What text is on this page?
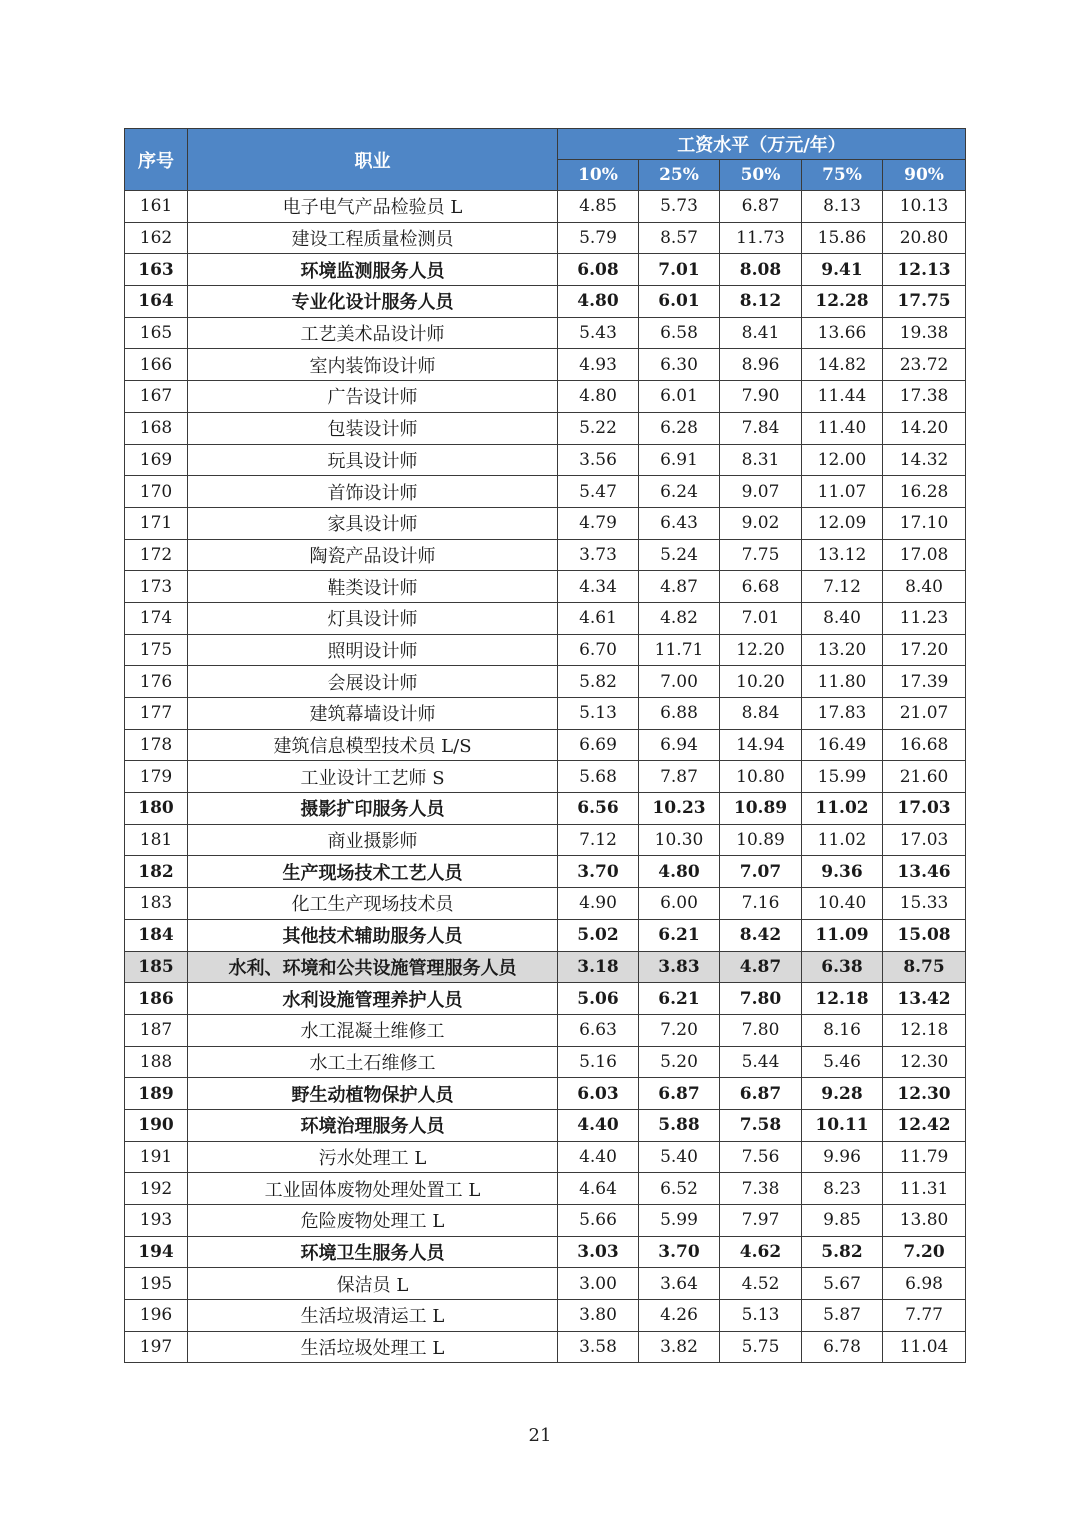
序号	职业	工资水平（万元/年）				
		10%	25%	50%	75%	90%
161	电子电气产品检验员 L	4.85	5.73	6.87	8.13	10.13
162	建设工程质量检测员	5.79	8.57	11.73	15.86	20.80
163	环境监测服务人员	6.08	7.01	8.08	9.41	12.13
164	专业化设计服务人员	4.80	6.01	8.12	12.28	17.75
165	工艺美术品设计师	5.43	6.58	8.41	13.66	19.38
166	室内装饰设计师	4.93	6.30	8.96	14.82	23.72
167	广告设计师	4.80	6.01	7.90	11.44	17.38
168	包装设计师	5.22	6.28	7.84	11.40	14.20
169	玩具设计师	3.56	6.91	8.31	12.00	14.32
170	首饰设计师	5.47	6.24	9.07	11.07	16.28
171	家具设计师	4.79	6.43	9.02	12.09	17.10
172	陶瓷产品设计师	3.73	5.24	7.75	13.12	17.08
173	鞋类设计师	4.34	4.87	6.68	7.12	8.40
174	灯具设计师	4.61	4.82	7.01	8.40	11.23
175	照明设计师	6.70	11.71	12.20	13.20	17.20
176	会展设计师	5.82	7.00	10.20	11.80	17.39
177	建筑幕墙设计师	5.13	6.88	8.84	17.83	21.07
178	建筑信息模型技术员 L/S	6.69	6.94	14.94	16.49	16.68
179	工业设计工艺师 S	5.68	7.87	10.80	15.99	21.60
180	摄影扩印服务人员	6.56	10.23	10.89	11.02	17.03
181	商业摄影师	7.12	10.30	10.89	11.02	17.03
182	生产现场技术工艺人员	3.70	4.80	7.07	9.36	13.46
183	化工生产现场技术员	4.90	6.00	7.16	10.40	15.33
184	其他技术辅助服务人员	5.02	6.21	8.42	11.09	15.08
185	水利、环境和公共设施管理服务人员	3.18	3.83	4.87	6.38	8.75
186	水利设施管理养护人员	5.06	6.21	7.80	12.18	13.42
187	水工混凝土维修工	6.63	7.20	7.80	8.16	12.18
188	水工土石维修工	5.16	5.20	5.44	5.46	12.30
189	野生动植物保护人员	6.03	6.87	6.87	9.28	12.30
190	环境治理服务人员	4.40	5.88	7.58	10.11	12.42
191	污水处理工 L	4.40	5.40	7.56	9.96	11.79
192	工业固体废物处理处置工 L	4.64	6.52	7.38	8.23	11.31
193	危险废物处理工 L	5.66	5.99	7.97	9.85	13.80
194	环境卫生服务人员	3.03	3.70	4.62	5.82	7.20
195	保洁员 L	3.00	3.64	4.52	5.67	6.98
196	生活垃圾清运工 L	3.80	4.26	5.13	5.87	7.77
197	生活垃圾处理工 L	3.58	3.82	5.75	6.78	11.04
21
